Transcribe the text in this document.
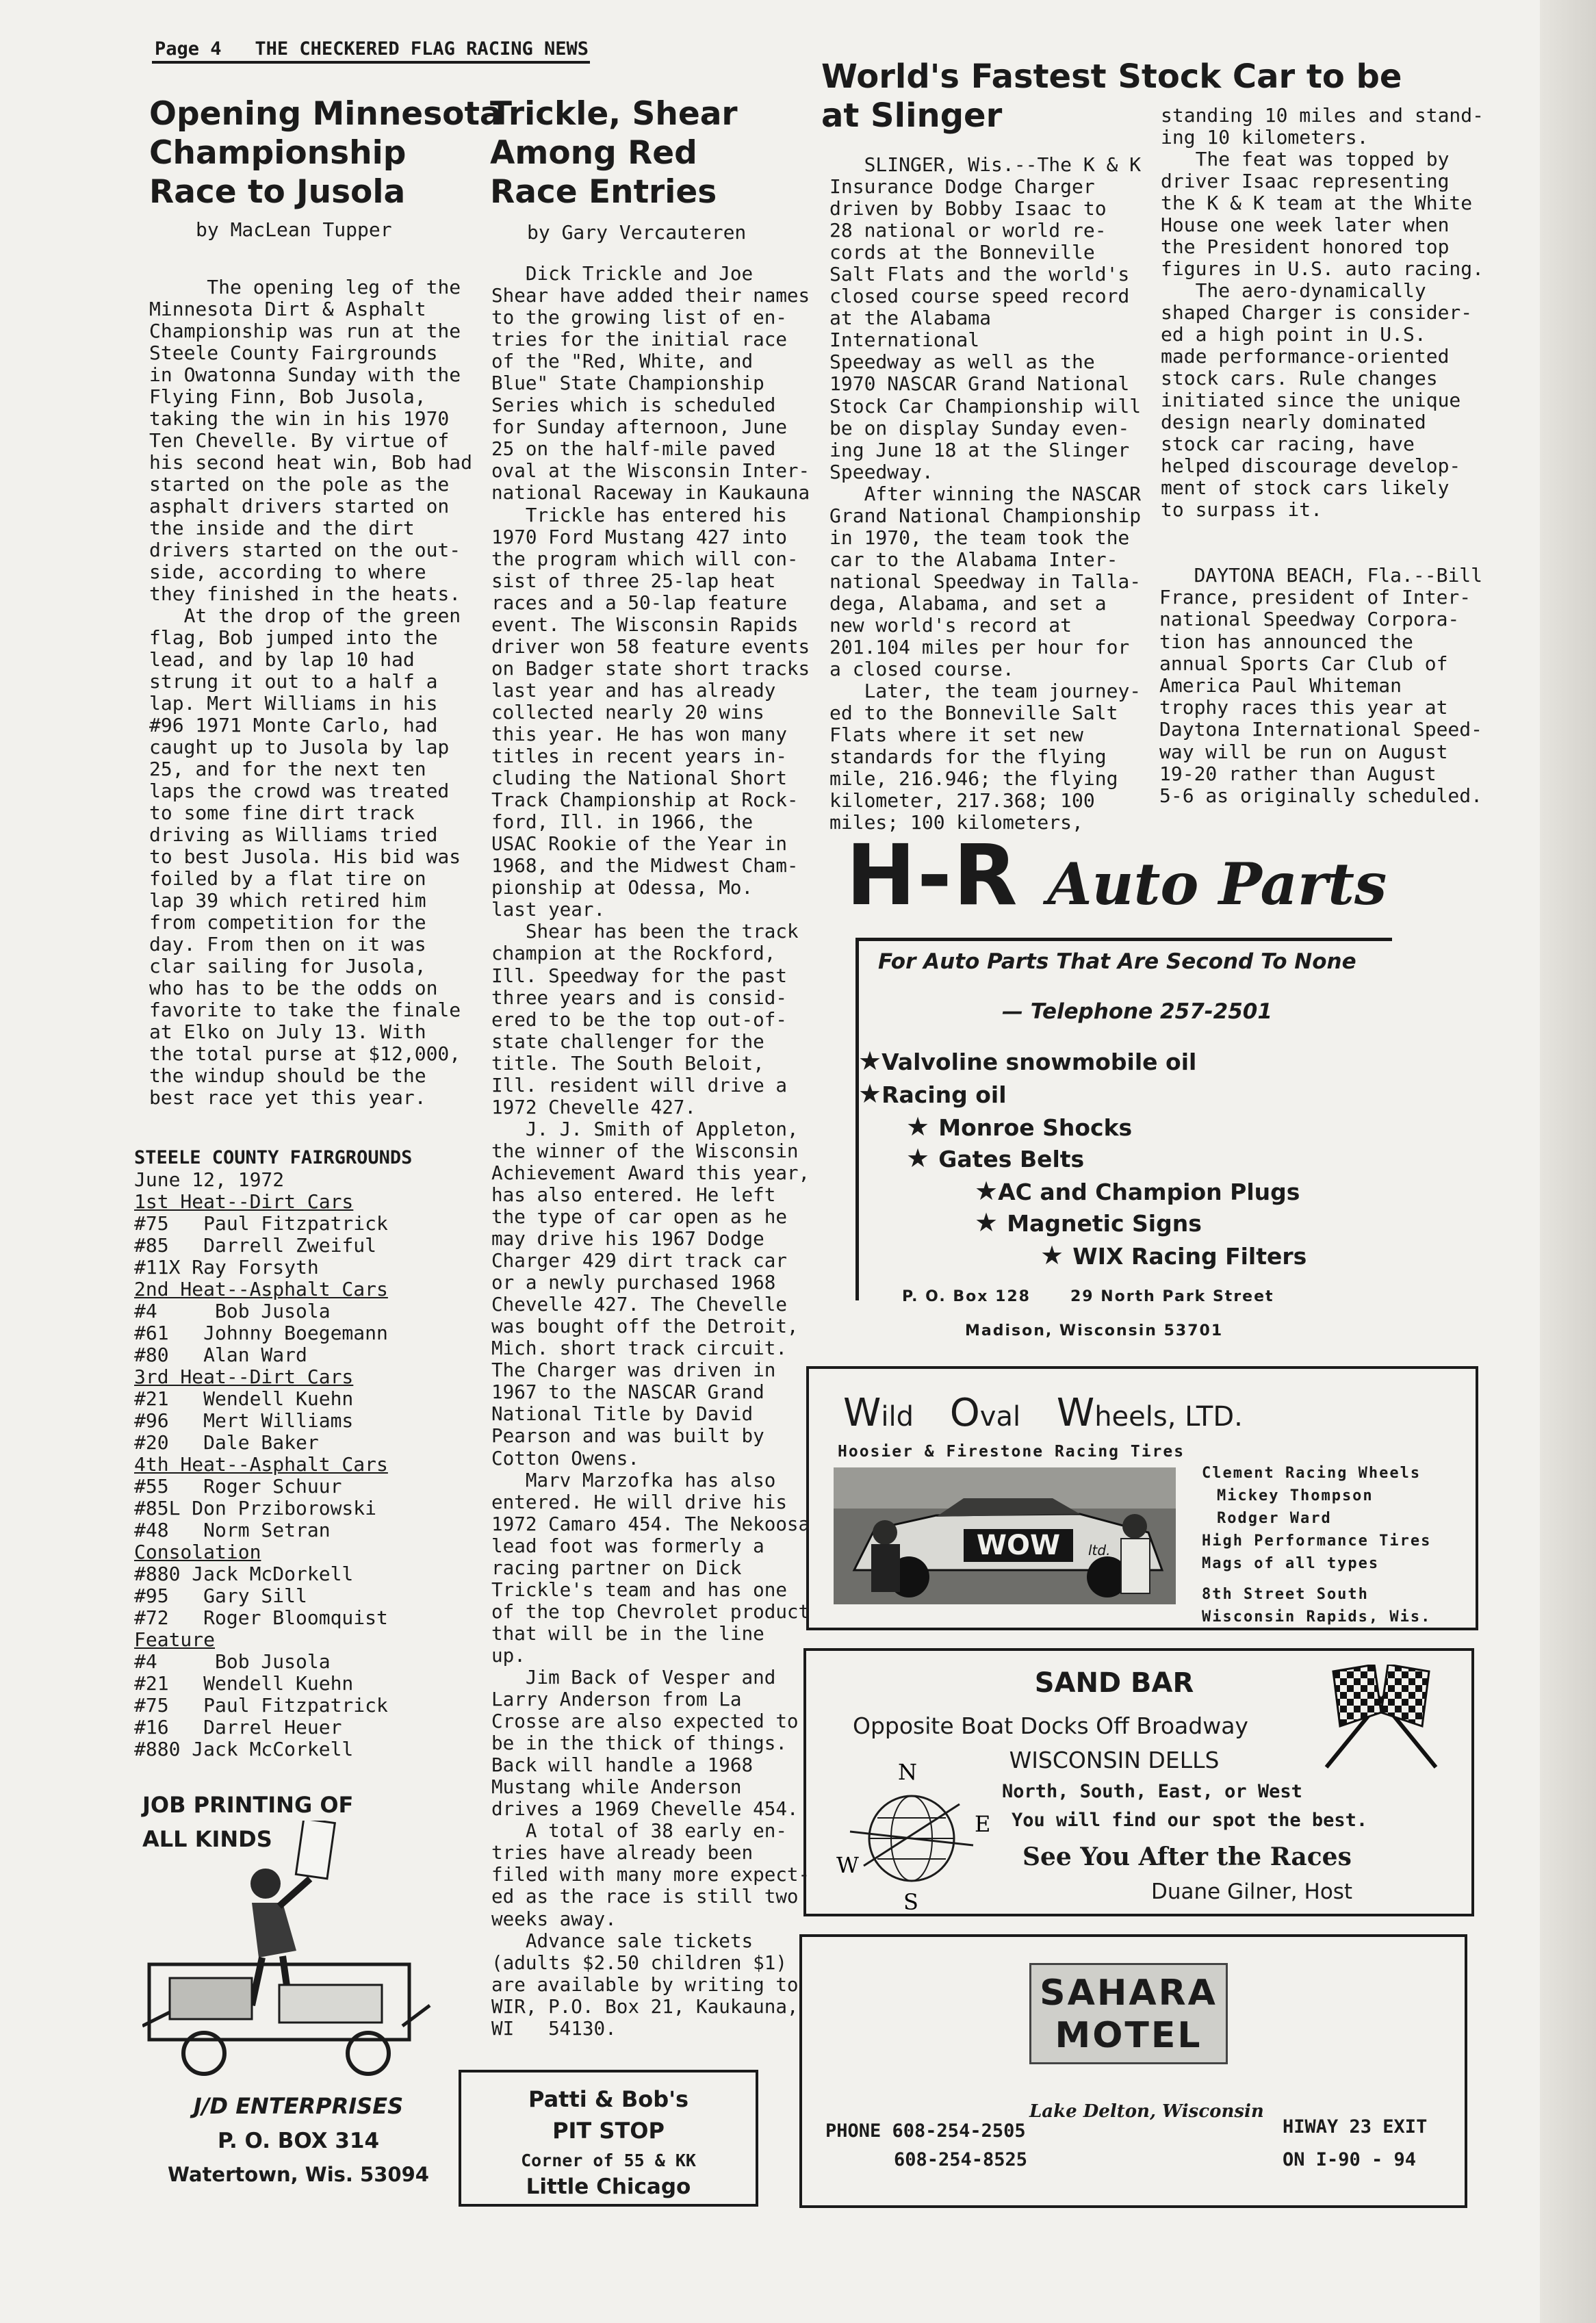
Page 4 THE CHECKERED FLAG RACING NEWS
Opening Minnesota
Championship
Race to Jusola

by MacLean Tupper

The opening leg of the
Minnesota Dirt & Asphalt
Championship was run at the
Steele County Fairgrounds
in Owatonna Sunday with the
Flying Finn, Bob Jusola,
taking the win in his 1970
Ten Chevelle. By virtue of
his second heat win, Bob had
started on the pole as the
asphalt drivers started on
the inside and the dirt
drivers started on the out-
side, according to where
they finished in the heats.
At the drop of the green
flag, Bob jumped into the
lead, and by lap 10 had
strung it out to a half a
lap. Mert Williams in his
#96 1971 Monte Carlo, had
caught up to Jusola by lap
25, and for the next ten
laps the crowd was treated
to some fine dirt track
driving as Williams tried
to best Jusola. His bid was
foiled by a flat tire on
lap 39 which retired him
from competition for the
day. From then on it was
clar sailing for Jusola,
who has to be the odds on
favorite to take the finale
at Elko on July 13. With
the total purse at $12,000,
the windup should be the
best race yet this year.

STEELE COUNTY FAIRGROUNDS
June 12, 1972
1st Heat--Dirt Cars
#75   Paul Fitzpatrick
#85   Darrell Zweiful
#11X Ray Forsyth
2nd Heat--Asphalt Cars
#4     Bob Jusola
#61   Johnny Boegemann
#80   Alan Ward
3rd Heat--Dirt Cars
#21   Wendell Kuehn
#96   Mert Williams
#20   Dale Baker
4th Heat--Asphalt Cars
#55   Roger Schuur
#85L Don Prziborowski
#48   Norm Setran
Consolation
#880 Jack McDorkell
#95   Gary Sill
#72   Roger Bloomquist
Feature
#4     Bob Jusola
#21   Wendell Kuehn
#75   Paul Fitzpatrick
#16   Darrel Heuer
#880 Jack McCorkell
JOB PRINTING OF
ALL KINDS
J/D ENTERPRISES
P. O. BOX 314
Watertown, Wis. 53094
Trickle, Shear
Among Red
Race Entries

by Gary Vercauteren

Dick Trickle and Joe
Shear have added their names
to the growing list of en-
tries for the initial race
of the "Red, White, and
Blue" State Championship
Series which is scheduled
for Sunday afternoon, June
25 on the half-mile paved
oval at the Wisconsin Inter-
national Raceway in Kaukauna
Trickle has entered his
1970 Ford Mustang 427 into
the program which will con-
sist of three 25-lap heat
races and a 50-lap feature
event. The Wisconsin Rapids
driver won 58 feature events
on Badger state short tracks
last year and has already
collected nearly 20 wins
this year. He has won many
titles in recent years in-
cluding the National Short
Track Championship at Rock-
ford, Ill. in 1966, the
USAC Rookie of the Year in
1968, and the Midwest Cham-
pionship at Odessa, Mo.
last year.
Shear has been the track
champion at the Rockford,
Ill. Speedway for the past
three years and is consid-
ered to be the top out-of-
state challenger for the
title. The South Beloit,
Ill. resident will drive a
1972 Chevelle 427.
J. J. Smith of Appleton,
the winner of the Wisconsin
Achievement Award this year,
has also entered. He left
the type of car open as he
may drive his 1967 Dodge
Charger 429 dirt track car
or a newly purchased 1968
Chevelle 427. The Chevelle
was bought off the Detroit,
Mich. short track circuit.
The Charger was driven in
1967 to the NASCAR Grand
National Title by David
Pearson and was built by
Cotton Owens.
Marv Marzofka has also
entered. He will drive his
1972 Camaro 454. The Nekoosa
lead foot was formerly a
racing partner on Dick
Trickle's team and has one
of the top Chevrolet product
that will be in the line
up.
Jim Back of Vesper and
Larry Anderson from La
Crosse are also expected to
be in the thick of things.
Back will handle a 1968
Mustang while Anderson
drives a 1969 Chevelle 454.
A total of 38 early en-
tries have already been
filed with many more expect-
ed as the race is still two
weeks away.
Advance sale tickets
(adults $2.50 children $1)
are available by writing to
WIR, P.O. Box 21, Kaukauna,
WI   54130.

Patti & Bob's
PIT STOP
Corner of 55 & KK
Little Chicago
World's Fastest Stock Car to be
at Slinger

SLINGER, Wis.--The K & K
Insurance Dodge Charger
driven by Bobby Isaac to
28 national or world re-
cords at the Bonneville
Salt Flats and the world's
closed course speed record
at the Alabama International
Speedway as well as the
1970 NASCAR Grand National
Stock Car Championship will
be on display Sunday even-
ing June 18 at the Slinger
Speedway.
After winning the NASCAR
Grand National Championship
in 1970, the team took the
car to the Alabama Inter-
national Speedway in Talla-
dega, Alabama, and set a
new world's record at
201.104 miles per hour for
a closed course.
Later, the team journey-
ed to the Bonneville Salt
Flats where it set new
standards for the flying
mile, 216.946; the flying
kilometer, 217.368; 100
miles; 100 kilometers,

standing 10 miles and stand-
ing 10 kilometers.
The feat was topped by
driver Isaac representing
the K & K team at the White
House one week later when
the President honored top
figures in U.S. auto racing.
The aero-dynamically
shaped Charger is consider-
ed a high point in U.S.
made performance-oriented
stock cars. Rule changes
initiated since the unique
design nearly dominated
stock car racing, have
helped discourage develop-
ment of stock cars likely
to surpass it.

DAYTONA BEACH, Fla.--Bill
France, president of Inter-
national Speedway Corpora-
tion has announced the
annual Sports Car Club of
America Paul Whiteman
trophy races this year at
Daytona International Speed-
way will be run on August
19-20 rather than August
5-6 as originally scheduled.

H-R Auto Parts
For Auto Parts That Are Second To None
— Telephone 257-2501
★Valvoline snowmobile oil
★Racing oil
★ Monroe Shocks
★ Gates Belts
★AC and Champion Plugs
★ Magnetic Signs
★ WIX Racing Filters
P. O. Box 128      29 North Park Street
Madison, Wisconsin 53701
Wild Oval Wheels, LTD.
Hoosier & Firestone Racing Tires
WOW ltd.
Clement Racing Wheels
Mickey Thompson
Rodger Ward
High Performance Tires
Mags of all types
8th Street South
Wisconsin Rapids, Wis.
SAND BAR
Opposite Boat Docks Off Broadway
WISCONSIN DELLS
North, South, East, or West
You will find our spot the best.
See You After the Races
Duane Gilner, Host
N
E
S
W
SAHARA
MOTEL
Lake Delton, Wisconsin
PHONE 608-254-2505
608-254-8525
HIWAY 23 EXIT
ON I-90 - 94
